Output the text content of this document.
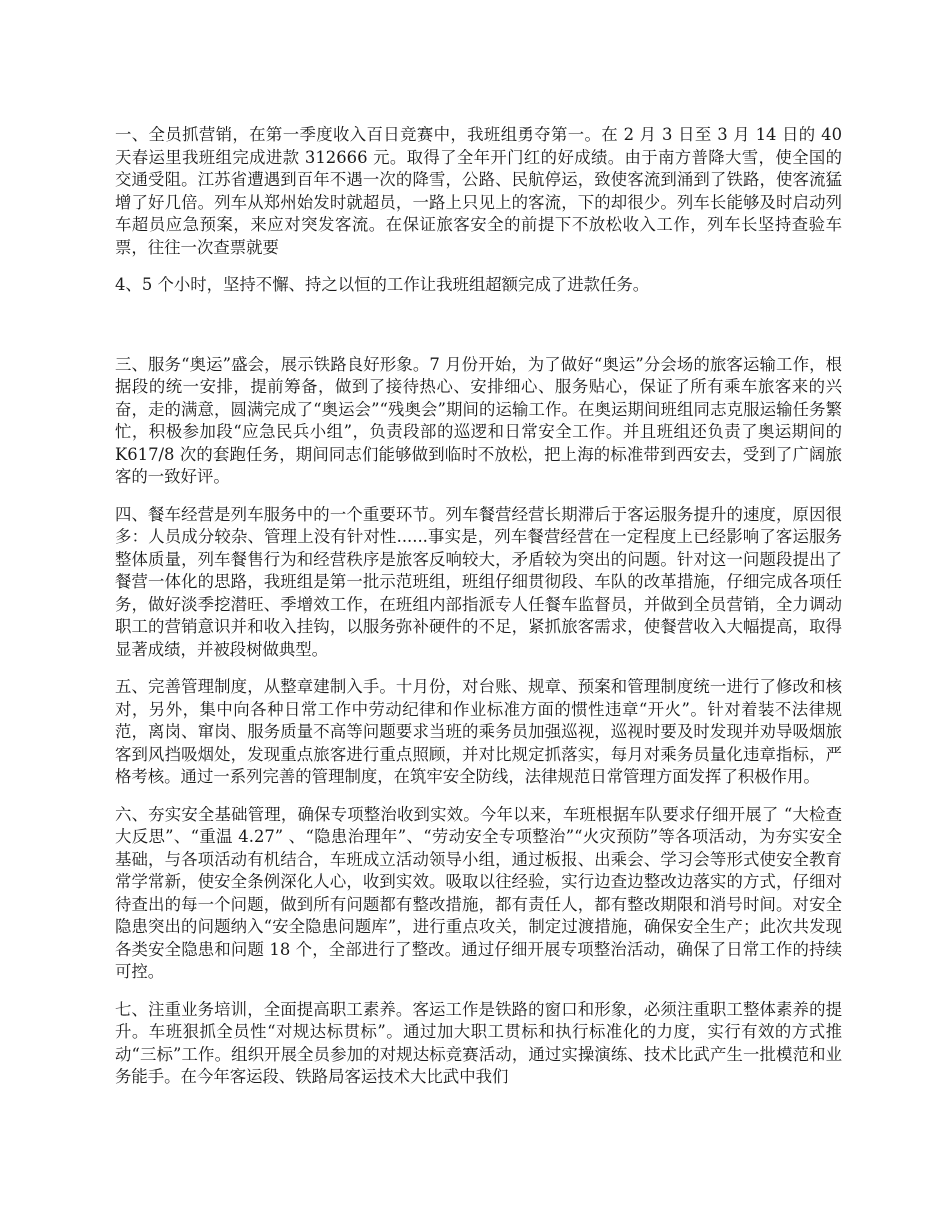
一、全员抓营销，在第一季度收入百日竞赛中，我班组勇夺第一。在 2 月 3 日至 3 月 14 日的 40 天春运里我班组完成进款 312666 元。取得了全年开门红的好成绩。由于南方普降大雪，使全国的交通受阻。江苏省遭遇到百年不遇一次的降雪，公路、民航停运，致使客流到涌到了铁路，使客流猛增了好几倍。列车从郑州始发时就超员，一路上只见上的客流，下的却很少。列车长能够及时启动列车超员应急预案，来应对突发客流。在保证旅客安全的前提下不放松收入工作，列车长坚持查验车票，往往一次查票就要

4、5 个小时，坚持不懈、持之以恒的工作让我班组超额完成了进款任务。

三、服务“奥运”盛会，展示铁路良好形象。7 月份开始，为了做好“奥运”分会场的旅客运输工作，根据段的统一安排，提前筹备，做到了接待热心、安排细心、服务贴心，保证了所有乘车旅客来的兴奋，走的满意，圆满完成了“奥运会”“残奥会”期间的运输工作。在奥运期间班组同志克服运输任务繁忙，积极参加段“应急民兵小组”，负责段部的巡逻和日常安全工作。并且班组还负责了奥运期间的 K617/8 次的套跑任务，期间同志们能够做到临时不放松，把上海的标准带到西安去，受到了广阔旅客的一致好评。

四、餐车经营是列车服务中的一个重要环节。列车餐营经营长期滞后于客运服务提升的速度，原因很多：人员成分较杂、管理上没有针对性......事实是，列车餐营经营在一定程度上已经影响了客运服务整体质量，列车餐售行为和经营秩序是旅客反响较大，矛盾较为突出的问题。针对这一问题段提出了餐营一体化的思路，我班组是第一批示范班组，班组仔细贯彻段、车队的改革措施，仔细完成各项任务，做好淡季挖潜旺、季增效工作，在班组内部指派专人任餐车监督员，并做到全员营销，全力调动职工的营销意识并和收入挂钩，以服务弥补硬件的不足，紧抓旅客需求，使餐营收入大幅提高，取得显著成绩，并被段树做典型。

五、完善管理制度，从整章建制入手。十月份，对台账、规章、预案和管理制度统一进行了修改和核对，另外，集中向各种日常工作中劳动纪律和作业标准方面的惯性违章“开火”。针对着装不法律规范，离岗、窜岗、服务质量不高等问题要求当班的乘务员加强巡视，巡视时要及时发现并劝导吸烟旅客到风挡吸烟处，发现重点旅客进行重点照顾，并对比规定抓落实，每月对乘务员量化违章指标，严格考核。通过一系列完善的管理制度，在筑牢安全防线，法律规范日常管理方面发挥了积极作用。

六、夯实安全基础管理，确保专项整治收到实效。今年以来，车班根据车队要求仔细开展了 “大检查大反思”、“重温 4.27” 、“隐患治理年”、“劳动安全专项整治”“火灾预防”等各项活动，为夯实安全基础，与各项活动有机结合，车班成立活动领导小组，通过板报、出乘会、学习会等形式使安全教育常学常新，使安全条例深化人心，收到实效。吸取以往经验，实行边查边整改边落实的方式，仔细对待查出的每一个问题，做到所有问题都有整改措施，都有责任人，都有整改期限和消号时间。对安全隐患突出的问题纳入“安全隐患问题库”，进行重点攻关，制定过渡措施，确保安全生产；此次共发现各类安全隐患和问题 18 个，全部进行了整改。通过仔细开展专项整治活动，确保了日常工作的持续可控。

七、注重业务培训，全面提高职工素养。客运工作是铁路的窗口和形象，必须注重职工整体素养的提升。车班狠抓全员性“对规达标贯标”。通过加大职工贯标和执行标准化的力度，实行有效的方式推动“三标”工作。组织开展全员参加的对规达标竞赛活动，通过实操演练、技术比武产生一批模范和业务能手。在今年客运段、铁路局客运技术大比武中我们
